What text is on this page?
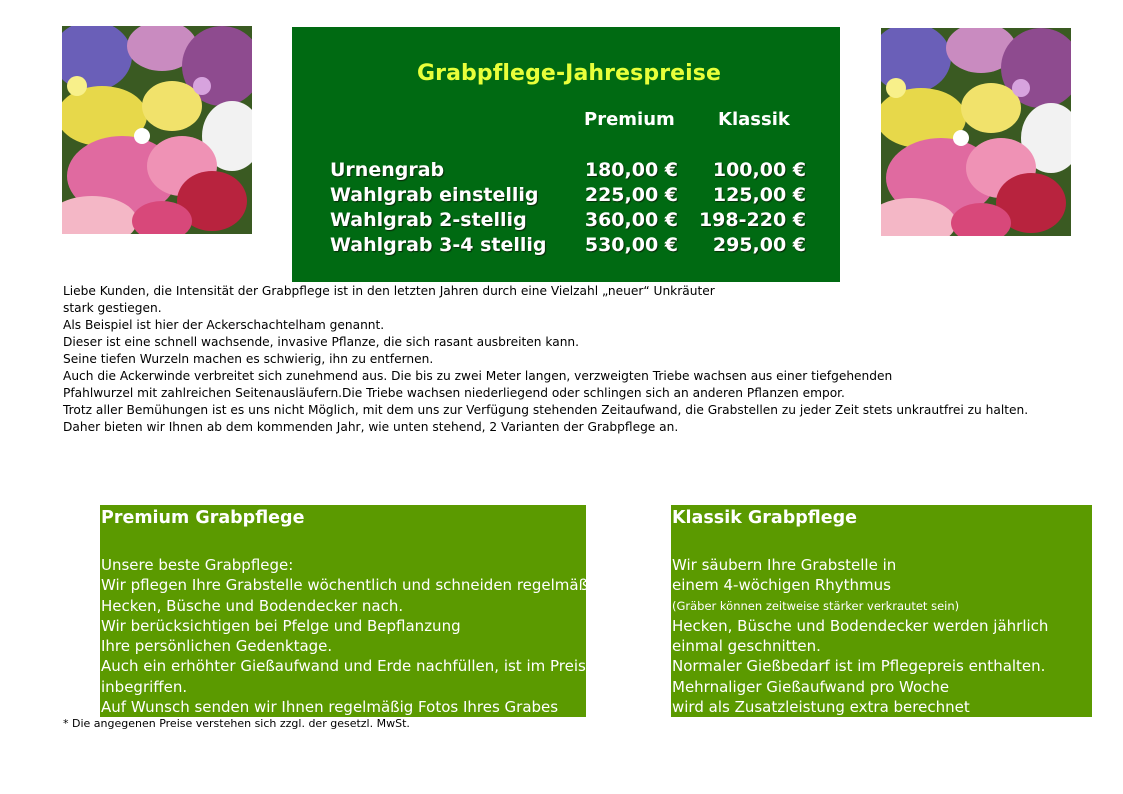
Grabpflege-Jahrespreise
Premium Klassik
Urnengrab	180,00 € 100,00 €
Wahlgrab einstellig 225,00 € 125,00 €
Wahlgrab 2-stellig	360,00 € 198-220 €
Wahlgrab 3-4 stellig 530,00 € 295,00 €
Liebe Kunden, die Intensität der Grabpflege ist in den letzten Jahren durch eine Vielzahl „neuer“ Unkräuter
stark gestiegen.
Als Beispiel ist hier der Ackerschachtelham genannt.
Dieser ist eine schnell wachsende, invasive Pflanze, die sich rasant ausbreiten kann.
Seine tiefen Wurzeln machen es schwierig, ihn zu entfernen.
Auch die Ackerwinde verbreitet sich zunehmend aus. Die bis zu zwei Meter langen, verzweigten Triebe wachsen aus einer tiefgehenden
Pfahlwurzel mit zahlreichen Seitenausläufern.Die Triebe wachsen niederliegend oder schlingen sich an anderen Pflanzen empor.
Trotz aller Bemühungen ist es uns nicht Möglich, mit dem uns zur Verfügung stehenden Zeitaufwand, die Grabstellen zu jeder Zeit stets unkrautfrei zu halten.
Daher bieten wir Ihnen ab dem kommenden Jahr, wie unten stehend, 2 Varianten der Grabpflege an.
Premium Grabpflege
Unsere beste Grabpflege:
Wir pflegen Ihre Grabstelle wöchentlich und schneiden regelmäßig
Hecken, Büsche und Bodendecker nach.
Wir berücksichtigen bei Pfelge und Bepflanzung
Ihre persönlichen Gedenktage.
Auch ein erhöhter Gießaufwand und Erde nachfüllen, ist im Preis
inbegriffen.
Auf Wunsch senden wir Ihnen regelmäßig Fotos Ihres Grabes
Klassik Grabpflege
Wir säubern Ihre Grabstelle in
einem 4-wöchigen Rhythmus
(Gräber können zeitweise stärker verkrautet sein)
Hecken, Büsche und Bodendecker werden jährlich
einmal geschnitten.
Normaler Gießbedarf ist im Pflegepreis enthalten.
Mehrnaliger Gießaufwand pro Woche
wird als Zusatzleistung extra berechnet
* Die angegenen Preise verstehen sich zzgl. der gesetzl. MwSt.
